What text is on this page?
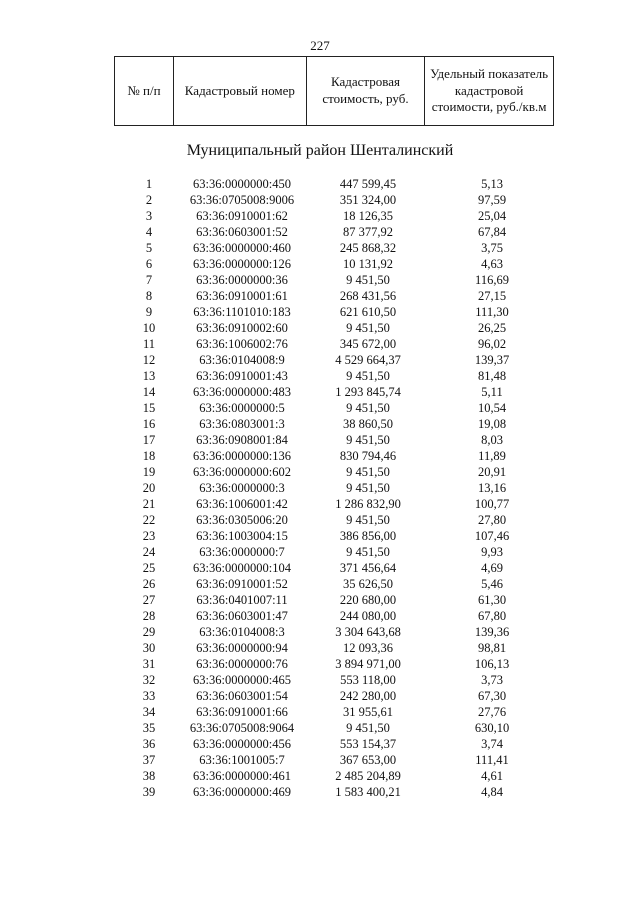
227
№ п/п	Кадастровый номер	Кадастровая стоимость, руб.	Удельный показатель кадастровой стоимости, руб./кв.м
Муниципальный район Шенталинский
1	63:36:0000000:450	447 599,45	5,13
2	63:36:0705008:9006	351 324,00	97,59
3	63:36:0910001:62	18 126,35	25,04
4	63:36:0603001:52	87 377,92	67,84
5	63:36:0000000:460	245 868,32	3,75
6	63:36:0000000:126	10 131,92	4,63
7	63:36:0000000:36	9 451,50	116,69
8	63:36:0910001:61	268 431,56	27,15
9	63:36:1101010:183	621 610,50	111,30
10	63:36:0910002:60	9 451,50	26,25
11	63:36:1006002:76	345 672,00	96,02
12	63:36:0104008:9	4 529 664,37	139,37
13	63:36:0910001:43	9 451,50	81,48
14	63:36:0000000:483	1 293 845,74	5,11
15	63:36:0000000:5	9 451,50	10,54
16	63:36:0803001:3	38 860,50	19,08
17	63:36:0908001:84	9 451,50	8,03
18	63:36:0000000:136	830 794,46	11,89
19	63:36:0000000:602	9 451,50	20,91
20	63:36:0000000:3	9 451,50	13,16
21	63:36:1006001:42	1 286 832,90	100,77
22	63:36:0305006:20	9 451,50	27,80
23	63:36:1003004:15	386 856,00	107,46
24	63:36:0000000:7	9 451,50	9,93
25	63:36:0000000:104	371 456,64	4,69
26	63:36:0910001:52	35 626,50	5,46
27	63:36:0401007:11	220 680,00	61,30
28	63:36:0603001:47	244 080,00	67,80
29	63:36:0104008:3	3 304 643,68	139,36
30	63:36:0000000:94	12 093,36	98,81
31	63:36:0000000:76	3 894 971,00	106,13
32	63:36:0000000:465	553 118,00	3,73
33	63:36:0603001:54	242 280,00	67,30
34	63:36:0910001:66	31 955,61	27,76
35	63:36:0705008:9064	9 451,50	630,10
36	63:36:0000000:456	553 154,37	3,74
37	63:36:1001005:7	367 653,00	111,41
38	63:36:0000000:461	2 485 204,89	4,61
39	63:36:0000000:469	1 583 400,21	4,84
